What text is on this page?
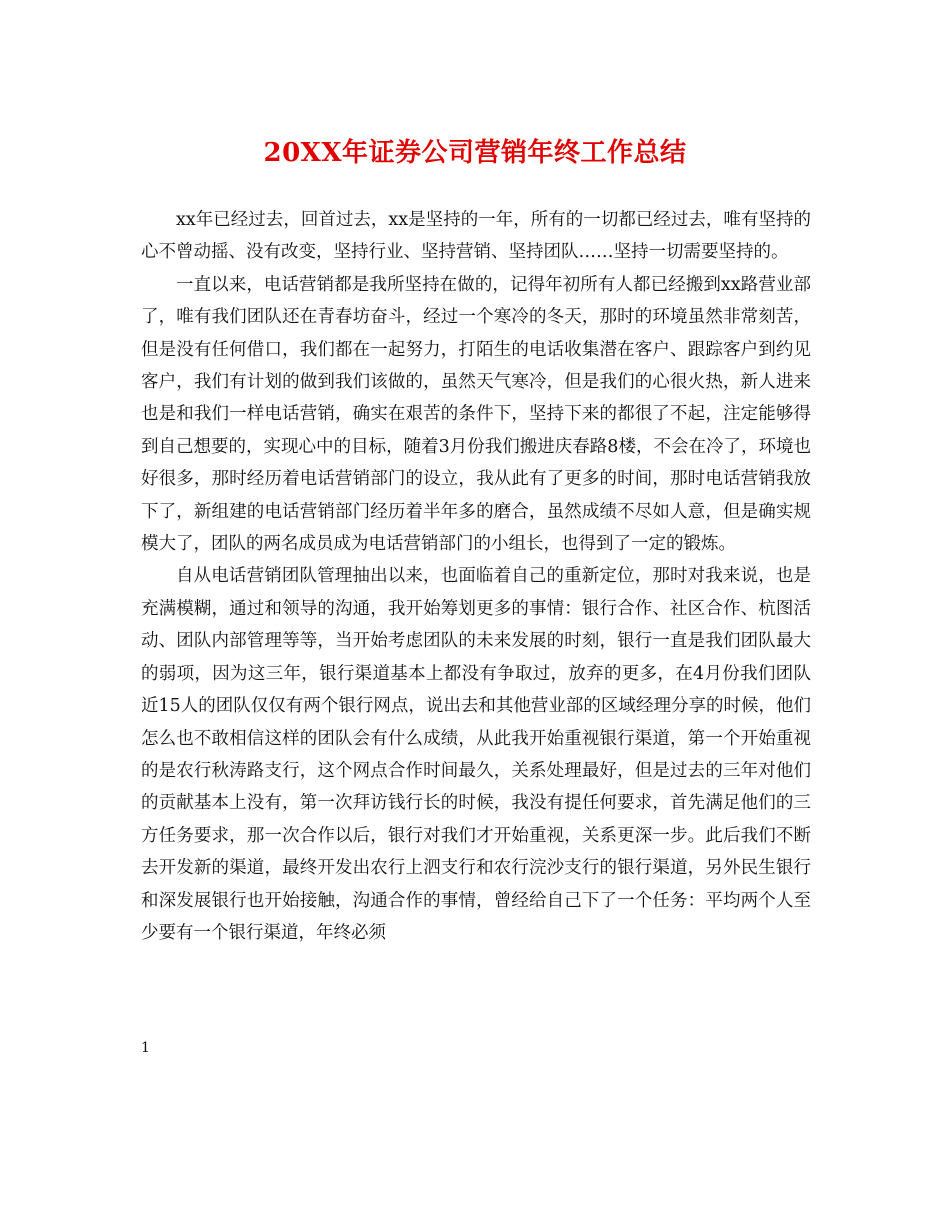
20XX年证券公司营销年终工作总结

xx年已经过去，回首过去，xx是坚持的一年，所有的一切都已经过去，唯有坚持的心不曾动摇、没有改变，坚持行业、坚持营销、坚持团队……坚持一切需要坚持的。

一直以来，电话营销都是我所坚持在做的，记得年初所有人都已经搬到xx路营业部了，唯有我们团队还在青春坊奋斗，经过一个寒冷的冬天，那时的环境虽然非常刻苦，但是没有任何借口，我们都在一起努力，打陌生的电话收集潜在客户、跟踪客户到约见客户，我们有计划的做到我们该做的，虽然天气寒冷，但是我们的心很火热，新人进来也是和我们一样电话营销，确实在艰苦的条件下，坚持下来的都很了不起，注定能够得到自己想要的，实现心中的目标，随着3月份我们搬进庆春路8楼，不会在冷了，环境也好很多，那时经历着电话营销部门的设立，我从此有了更多的时间，那时电话营销我放下了，新组建的电话营销部门经历着半年多的磨合，虽然成绩不尽如人意，但是确实规模大了，团队的两名成员成为电话营销部门的小组长，也得到了一定的锻炼。

自从电话营销团队管理抽出以来，也面临着自己的重新定位，那时对我来说，也是充满模糊，通过和领导的沟通，我开始筹划更多的事情：银行合作、社区合作、杭图活动、团队内部管理等等，当开始考虑团队的未来发展的时刻，银行一直是我们团队最大的弱项，因为这三年，银行渠道基本上都没有争取过，放弃的更多，在4月份我们团队近15人的团队仅仅有两个银行网点，说出去和其他营业部的区域经理分享的时候，他们怎么也不敢相信这样的团队会有什么成绩，从此我开始重视银行渠道，第一个开始重视的是农行秋涛路支行，这个网点合作时间最久，关系处理最好，但是过去的三年对他们的贡献基本上没有，第一次拜访钱行长的时候，我没有提任何要求，首先满足他们的三方任务要求，那一次合作以后，银行对我们才开始重视，关系更深一步。此后我们不断去开发新的渠道，最终开发出农行上泗支行和农行浣沙支行的银行渠道，另外民生银行和深发展银行也开始接触，沟通合作的事情，曾经给自己下了一个任务：平均两个人至少要有一个银行渠道，年终必须

1
